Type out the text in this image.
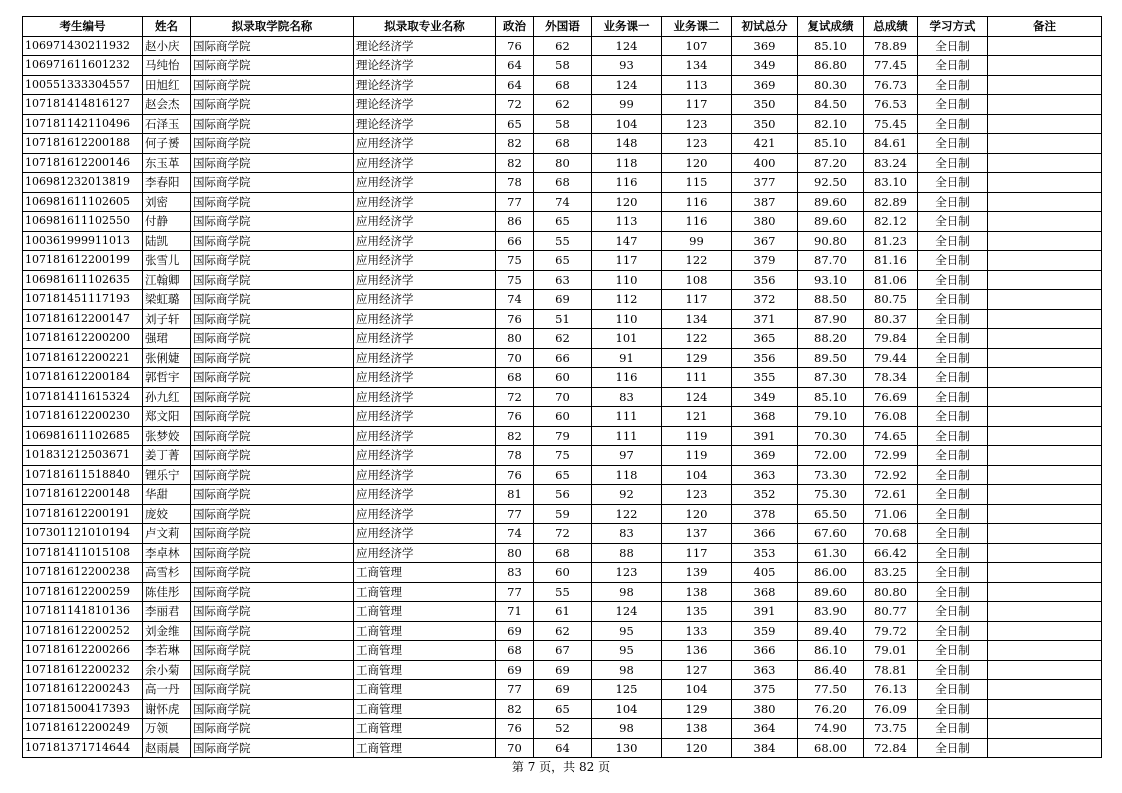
考生编号	姓名	拟录取学院名称	拟录取专业名称	政治	外国语	业务课一	业务课二	初试总分	复试成绩	总成绩	学习方式	备注
106971430211932	赵小庆	国际商学院	理论经济学	76	62	124	107	369	85.10	78.89	全日制	
106971611601232	马纯怡	国际商学院	理论经济学	64	58	93	134	349	86.80	77.45	全日制	
100551333304557	田旭红	国际商学院	理论经济学	64	68	124	113	369	80.30	76.73	全日制	
107181414816127	赵会杰	国际商学院	理论经济学	72	62	99	117	350	84.50	76.53	全日制	
107181142110496	石泽玉	国际商学院	理论经济学	65	58	104	123	350	82.10	75.45	全日制	
107181612200188	何子赟	国际商学院	应用经济学	82	68	148	123	421	85.10	84.61	全日制	
107181612200146	东玉革	国际商学院	应用经济学	82	80	118	120	400	87.20	83.24	全日制	
106981232013819	李春阳	国际商学院	应用经济学	78	68	116	115	377	92.50	83.10	全日制	
106981611102605	刘密	国际商学院	应用经济学	77	74	120	116	387	89.60	82.89	全日制	
106981611102550	付静	国际商学院	应用经济学	86	65	113	116	380	89.60	82.12	全日制	
100361999911013	陆凯	国际商学院	应用经济学	66	55	147	99	367	90.80	81.23	全日制	
107181612200199	张雪儿	国际商学院	应用经济学	75	65	117	122	379	87.70	81.16	全日制	
106981611102635	江翰卿	国际商学院	应用经济学	75	63	110	108	356	93.10	81.06	全日制	
107181451117193	梁虹璐	国际商学院	应用经济学	74	69	112	117	372	88.50	80.75	全日制	
107181612200147	刘子轩	国际商学院	应用经济学	76	51	110	134	371	87.90	80.37	全日制	
107181612200200	强珺	国际商学院	应用经济学	80	62	101	122	365	88.20	79.84	全日制	
107181612200221	张俐婕	国际商学院	应用经济学	70	66	91	129	356	89.50	79.44	全日制	
107181612200184	郭哲宇	国际商学院	应用经济学	68	60	116	111	355	87.30	78.34	全日制	
107181411615324	孙九红	国际商学院	应用经济学	72	70	83	124	349	85.10	76.69	全日制	
107181612200230	郑文阳	国际商学院	应用经济学	76	60	111	121	368	79.10	76.08	全日制	
106981611102685	张梦姣	国际商学院	应用经济学	82	79	111	119	391	70.30	74.65	全日制	
101831212503671	姜丁菁	国际商学院	应用经济学	78	75	97	119	369	72.00	72.99	全日制	
107181611518840	锂乐宁	国际商学院	应用经济学	76	65	118	104	363	73.30	72.92	全日制	
107181612200148	华甜	国际商学院	应用经济学	81	56	92	123	352	75.30	72.61	全日制	
107181612200191	庞姣	国际商学院	应用经济学	77	59	122	120	378	65.50	71.06	全日制	
107301121010194	卢文莉	国际商学院	应用经济学	74	72	83	137	366	67.60	70.68	全日制	
107181411015108	李卓林	国际商学院	应用经济学	80	68	88	117	353	61.30	66.42	全日制	
107181612200238	高雪杉	国际商学院	工商管理	83	60	123	139	405	86.00	83.25	全日制	
107181612200259	陈佳彤	国际商学院	工商管理	77	55	98	138	368	89.60	80.80	全日制	
107181141810136	李丽君	国际商学院	工商管理	71	61	124	135	391	83.90	80.77	全日制	
107181612200252	刘金维	国际商学院	工商管理	69	62	95	133	359	89.40	79.72	全日制	
107181612200266	李若琳	国际商学院	工商管理	68	67	95	136	366	86.10	79.01	全日制	
107181612200232	余小菊	国际商学院	工商管理	69	69	98	127	363	86.40	78.81	全日制	
107181612200243	高一丹	国际商学院	工商管理	77	69	125	104	375	77.50	76.13	全日制	
107181500417393	谢怀虎	国际商学院	工商管理	82	65	104	129	380	76.20	76.09	全日制	
107181612200249	万领	国际商学院	工商管理	76	52	98	138	364	74.90	73.75	全日制	
107181371714644	赵雨晨	国际商学院	工商管理	70	64	130	120	384	68.00	72.84	全日制	
第 7 页，共 82 页
